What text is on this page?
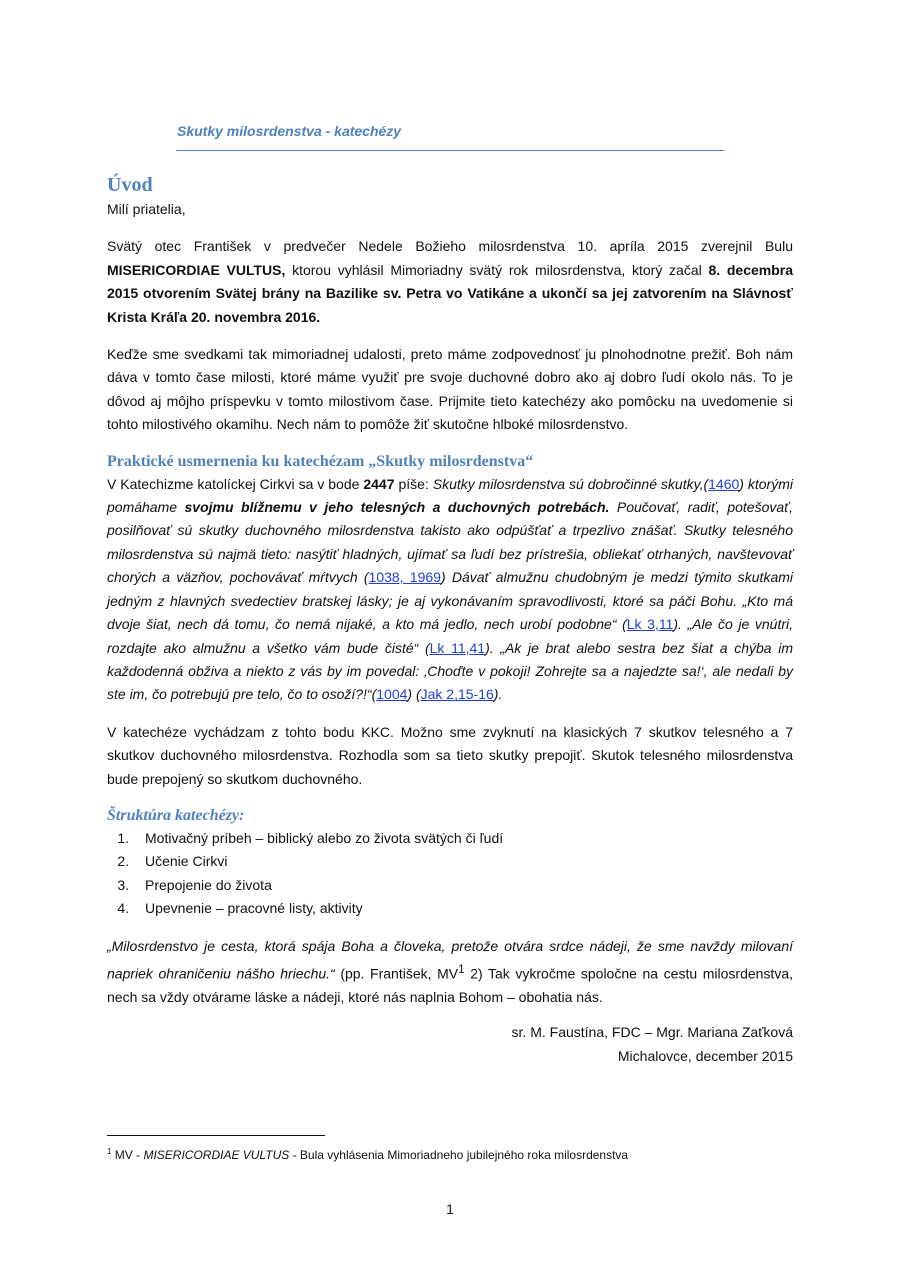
Skutky milosrdenstva - katechézy
Úvod

Milí priatelia,

Svätý otec František v predvečer Nedele Božieho milosrdenstva 10. apríla 2015 zverejnil Bulu MISERICORDIAE VULTUS, ktorou vyhlásil Mimoriadny svätý rok milosrdenstva, ktorý začal 8. decembra 2015 otvorením Svätej brány na Bazilike sv. Petra vo Vatikáne a ukončí sa jej zatvorením na Slávnosť Krista Kráľa 20. novembra 2016.

Keďže sme svedkami tak mimoriadnej udalosti, preto máme zodpovednosť ju plnohodnotne prežiť. Boh nám dáva v tomto čase milosti, ktoré máme využiť pre svoje duchovné dobro ako aj dobro ľudí okolo nás. To je dôvod aj môjho príspevku v tomto milostivom čase. Prijmite tieto katechézy ako pomôcku na uvedomenie si tohto milostivého okamihu. Nech nám to pomôže žiť skutočne hlboké milosrdenstvo.

Praktické usmernenia ku katechézam „Skutky milosrdenstva“

V Katechizme katolíckej Cirkvi sa v bode 2447 píše: Skutky milosrdenstva sú dobročinné skutky,(1460) ktorými pomáhame svojmu blížnemu v jeho telesných a duchovných potrebách. Poučovať, radiť, potešovať, posilňovať sú skutky duchovného milosrdenstva takisto ako odpúšťať a trpezlivo znášať. Skutky telesného milosrdenstva sú najmä tieto: nasýtiť hladných, ujímať sa ľudí bez prístrešia, obliekať otrhaných, navštevovať chorých a väzňov, pochovávať mŕtvych (1038, 1969) Dávať almužnu chudobným je medzi týmito skutkami jedným z hlavných svedectiev bratskej lásky; je aj vykonávaním spravodlivosti, ktoré sa páči Bohu. „Kto má dvoje šiat, nech dá tomu, čo nemá nijaké, a kto má jedlo, nech urobí podobne“ (Lk 3,11). „Ale čo je vnútri, rozdajte ako almužnu a všetko vám bude čisté“ (Lk 11,41). „Ak je brat alebo sestra bez šiat a chýba im každodenná obživa a niekto z vás by im povedal: ‚Choďte v pokoji! Zohrejte sa a najedzte sa!‘, ale nedali by ste im, čo potrebujú pre telo, čo to osoží?!“(1004) (Jak 2,15-16).

V katechéze vychádzam z tohto bodu KKC. Možno sme zvyknutí na klasických 7 skutkov telesného a 7 skutkov duchovného milosrdenstva. Rozhodla som sa tieto skutky prepojiť. Skutok telesného milosrdenstva bude prepojený so skutkom duchovného.

Štruktúra katechézy:
1. Motivačný príbeh – biblický alebo zo života svätých či ľudí
2. Učenie Cirkvi
3. Prepojenie do života
4. Upevnenie – pracovné listy, aktivity

„Milosrdenstvo je cesta, ktorá spája Boha a človeka, pretože otvára srdce nádeji, že sme navždy milovaní napriek ohraničeniu nášho hriechu.“ (pp. František, $MV^1$ 2) Tak vykročme spoločne na cestu milosrdenstva, nech sa vždy otvárame láske a nádeji, ktoré nás naplnia Bohom – obohatia nás.

sr. M. Faustína, FDC – Mgr. Mariana Zaťková
Michalovce, december 2015
$^1$ MV - MISERICORDIAE VULTUS - Bula vyhlásenia Mimoriadneho jubilejného roka milosrdenstva
1
